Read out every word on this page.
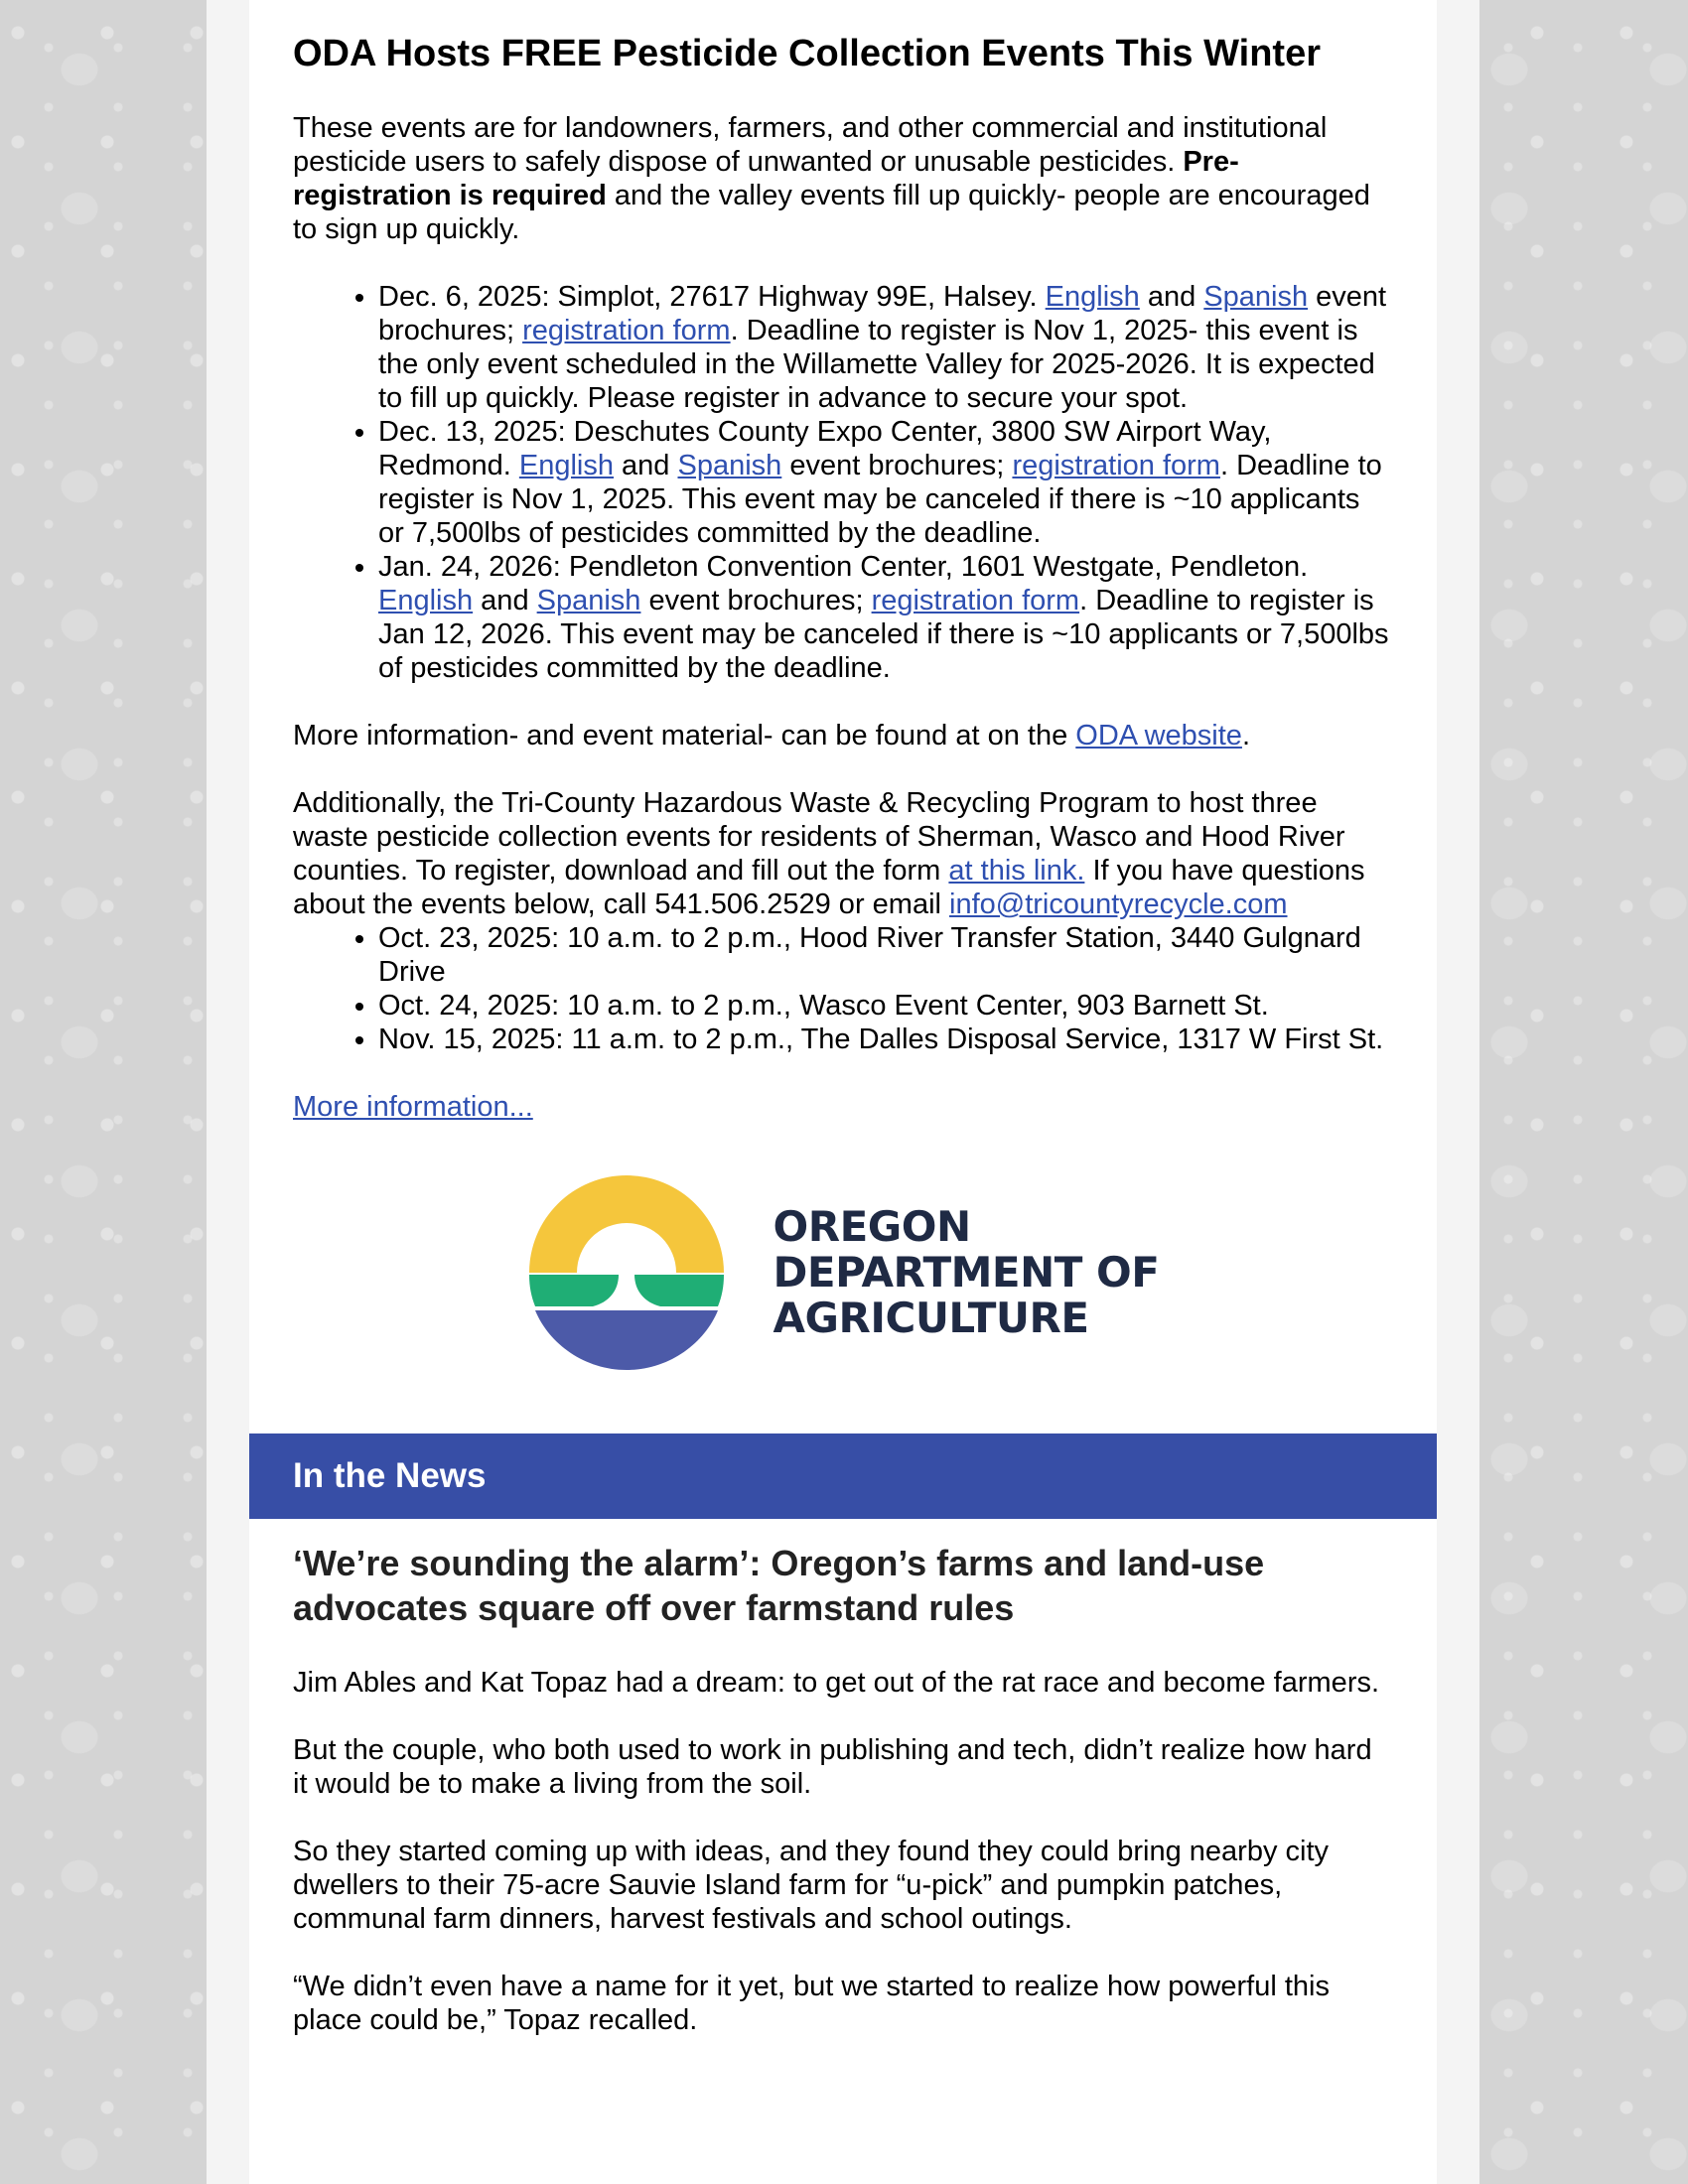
ODA Hosts FREE Pesticide Collection Events This Winter

These events are for landowners, farmers, and other commercial and institutional pesticide users to safely dispose of unwanted or unusable pesticides. Pre-registration is required and the valley events fill up quickly- people are encouraged to sign up quickly.

• Dec. 6, 2025: Simplot, 27617 Highway 99E, Halsey. English and Spanish event brochures; registration form. Deadline to register is Nov 1, 2025- this event is the only event scheduled in the Willamette Valley for 2025-2026. It is expected to fill up quickly. Please register in advance to secure your spot.
• Dec. 13, 2025: Deschutes County Expo Center, 3800 SW Airport Way, Redmond. English and Spanish event brochures; registration form. Deadline to register is Nov 1, 2025. This event may be canceled if there is ~10 applicants or 7,500lbs of pesticides committed by the deadline.
• Jan. 24, 2026: Pendleton Convention Center, 1601 Westgate, Pendleton. English and Spanish event brochures; registration form. Deadline to register is Jan 12, 2026. This event may be canceled if there is ~10 applicants or 7,500lbs of pesticides committed by the deadline.

More information- and event material- can be found at on the ODA website.

Additionally, the Tri-County Hazardous Waste & Recycling Program to host three waste pesticide collection events for residents of Sherman, Wasco and Hood River counties. To register, download and fill out the form at this link. If you have questions about the events below, call 541.506.2529 or email info@tricountyrecycle.com

• Oct. 23, 2025: 10 a.m. to 2 p.m., Hood River Transfer Station, 3440 Gulgnard Drive
• Oct. 24, 2025: 10 a.m. to 2 p.m., Wasco Event Center, 903 Barnett St.
• Nov. 15, 2025: 11 a.m. to 2 p.m., The Dalles Disposal Service, 1317 W First St.

More information...

OREGON
DEPARTMENT OF
AGRICULTURE
In the News
‘We’re sounding the alarm’: Oregon’s farms and land-use advocates square off over farmstand rules

Jim Ables and Kat Topaz had a dream: to get out of the rat race and become farmers.

But the couple, who both used to work in publishing and tech, didn’t realize how hard it would be to make a living from the soil.

So they started coming up with ideas, and they found they could bring nearby city dwellers to their 75-acre Sauvie Island farm for “u-pick” and pumpkin patches, communal farm dinners, harvest festivals and school outings.

“We didn’t even have a name for it yet, but we started to realize how powerful this place could be,” Topaz recalled.
